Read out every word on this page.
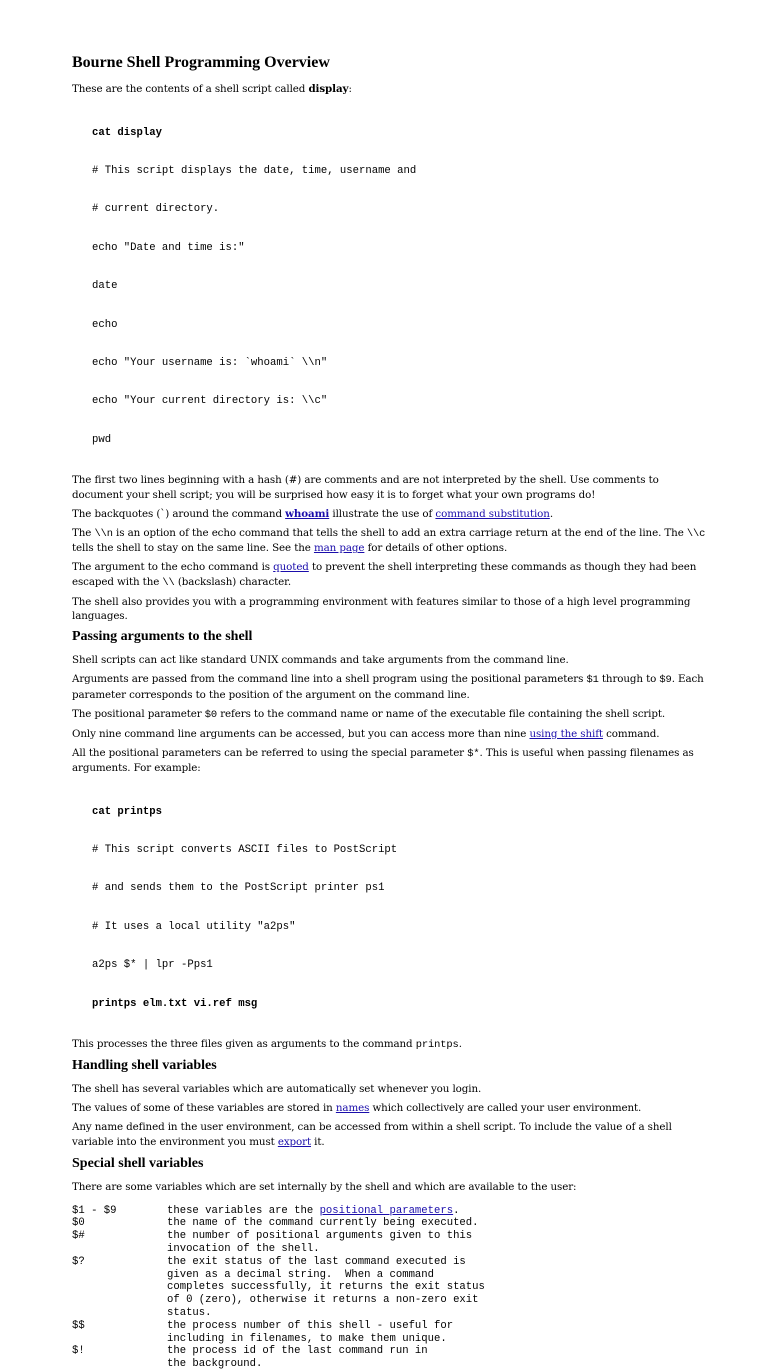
Bourne Shell Programming Overview

These are the contents of a shell script called display:

cat display

# This script displays the date, time, username and

# current directory.

echo "Date and time is:"

date

echo

echo "Your username is: `whoami` \\n"

echo "Your current directory is: \\c"

pwd

The first two lines beginning with a hash (#) are comments and are not interpreted by the shell. Use comments to document your shell script; you will be surprised how easy it is to forget what your own programs do!

The backquotes (`) around the command whoami illustrate the use of command substitution.

The \\n is an option of the echo command that tells the shell to add an extra carriage return at the end of the line. The \\c tells the shell to stay on the same line. See the man page for details of other options.

The argument to the echo command is quoted to prevent the shell interpreting these commands as though they had been escaped with the \\ (backslash) character.

The shell also provides you with a programming environment with features similar to those of a high level programming languages.

Passing arguments to the shell

Shell scripts can act like standard UNIX commands and take arguments from the command line.

Arguments are passed from the command line into a shell program using the positional parameters $1 through to $9. Each parameter corresponds to the position of the argument on the command line.

The positional parameter $0 refers to the command name or name of the executable file containing the shell script.

Only nine command line arguments can be accessed, but you can access more than nine using the shift command.

All the positional parameters can be referred to using the special parameter $*. This is useful when passing filenames as arguments. For example:

cat printps

# This script converts ASCII files to PostScript

# and sends them to the PostScript printer ps1

# It uses a local utility "a2ps"

a2ps $* | lpr -Pps1

printps elm.txt vi.ref msg

This processes the three files given as arguments to the command printps.

Handling shell variables

The shell has several variables which are automatically set whenever you login.

The values of some of these variables are stored in names which collectively are called your user environment.

Any name defined in the user environment, can be accessed from within a shell script. To include the value of a shell variable into the environment you must export it.

Special shell variables

There are some variables which are set internally by the shell and which are available to the user:

$1 - $9	these variables are the positional parameters.
$0	the name of the command currently being executed.
$#	the number of positional arguments given to this
invocation of the shell.
$?	the exit status of the last command executed is
given as a decimal string.  When a command
completes successfully, it returns the exit status
of 0 (zero), otherwise it returns a non-zero exit
status.
$$	the process number of this shell - useful for
including in filenames, to make them unique.
$!	the process id of the last command run in
the background.
